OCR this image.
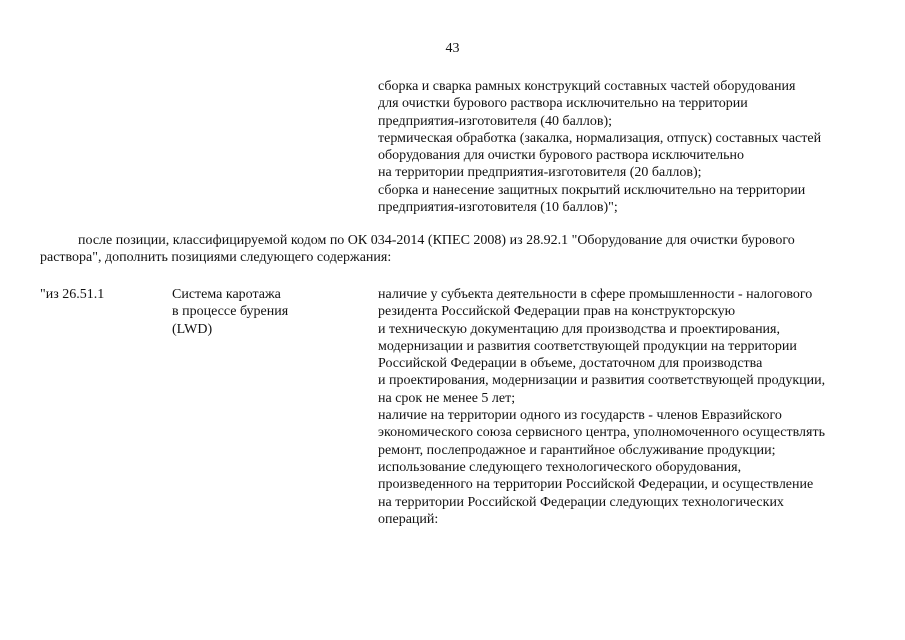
43
сборка и сварка рамных конструкций составных частей оборудования
для очистки бурового раствора исключительно на территории
предприятия-изготовителя (40 баллов);
термическая обработка (закалка, нормализация, отпуск) составных частей
оборудования для очистки бурового раствора исключительно
на территории предприятия-изготовителя (20 баллов);
сборка и нанесение защитных покрытий исключительно на территории
предприятия-изготовителя (10 баллов)";
после позиции, классифицируемой кодом по ОК 034-2014 (КПЕС 2008) из 28.92.1 "Оборудование для очистки бурового
раствора", дополнить позициями следующего содержания:
"из 26.51.1	Система каротажа
в процессе бурения
(LWD)
наличие у субъекта деятельности в сфере промышленности - налогового
резидента Российской Федерации прав на конструкторскую
и техническую документацию для производства и проектирования,
модернизации и развития соответствующей продукции на территории
Российской Федерации в объеме, достаточном для производства
и проектирования, модернизации и развития соответствующей продукции,
на срок не менее 5 лет;
наличие на территории одного из государств - членов Евразийского
экономического союза сервисного центра, уполномоченного осуществлять
ремонт, послепродажное и гарантийное обслуживание продукции;
использование следующего технологического оборудования,
произведенного на территории Российской Федерации, и осуществление
на территории Российской Федерации следующих технологических
операций:
